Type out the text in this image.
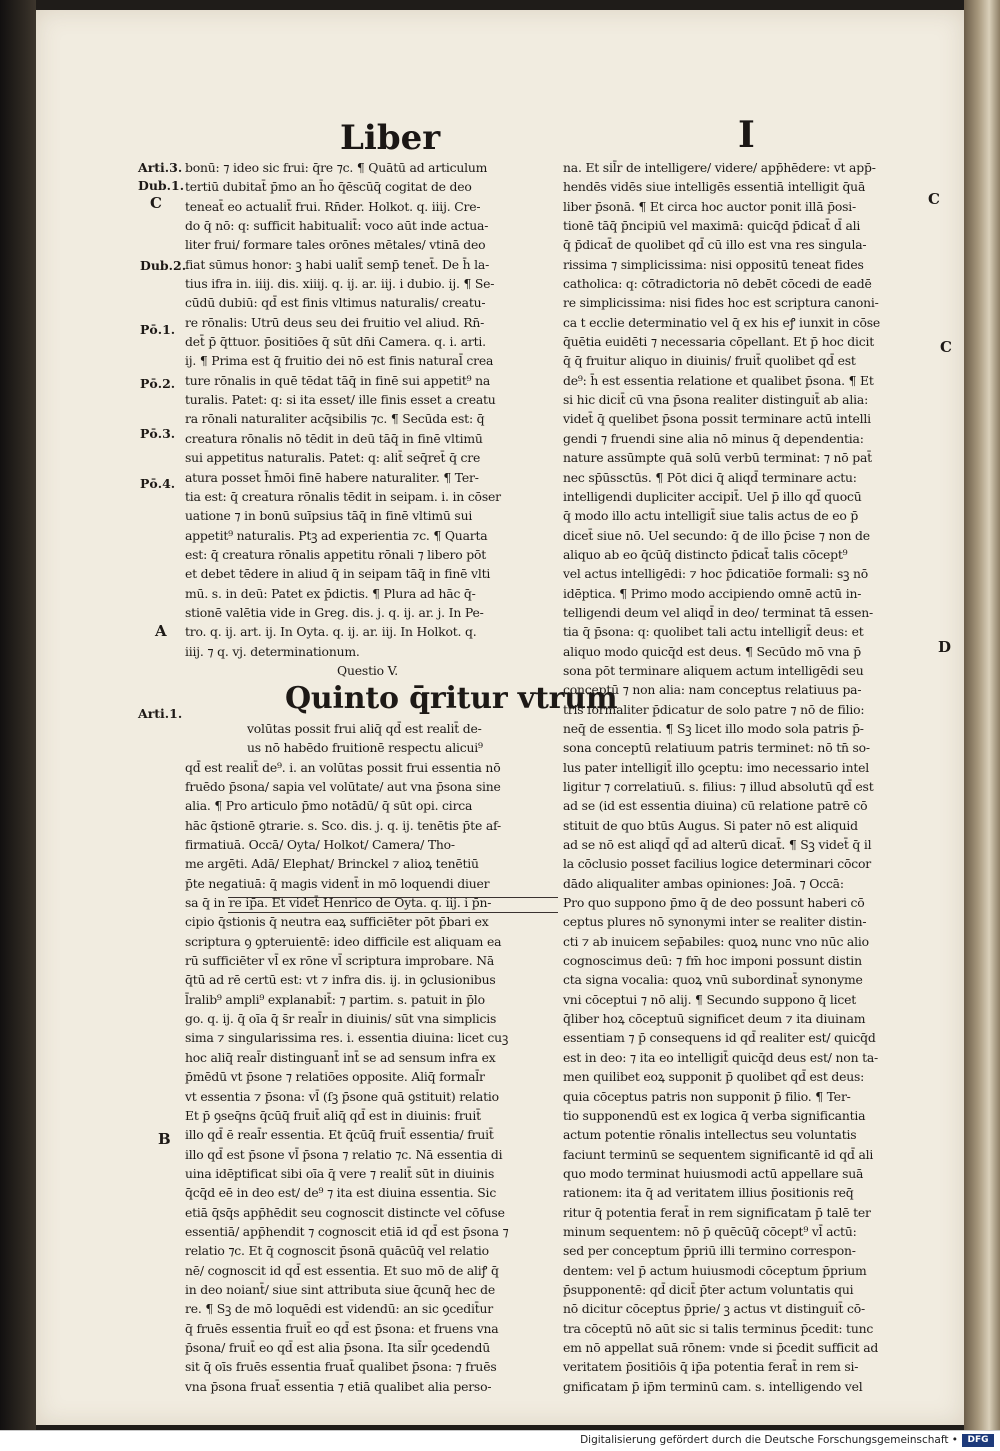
Liber	I
Arti.3.
Dub.1.
C
Dub.2.
Pō.1.
Pō.2.
Pō.3.
Pō.4.
A
Arti.1.
B
C
C
D
bonū: ⁊ ideo sic frui: q̄re ⁊c. ¶ Quātū ad articulum
tertiū dubitat̄ p̄mo an h̄o q̄ēscūq̄ cogitat de deo
teneat̄ eo actualit̄ frui. Rn̄der. Holkot. q. iiij. Cre-
do q̄ nō: q: sufficit habitualit̄: voco aūt inde actua-
liter frui/ formare tales orōnes mētales/ vtinā deo
fiat sūmus honor: ꝫ habi ualit̄ semp̄ tenet̄. De h̄ la-
tius ifra in. iiij. dis. xiiij. q. ij. ar. iij. i dubio. ij. ¶ Se-
cūdū dubiū: qd̄ est finis vltimus naturalis/ creatu-
re rōnalis: Utrū deus seu dei fruitio vel aliud. Rn̄-
det̄ p̄ q̄ttuor. p̄ositiōes q̄ sūt dn̄i Camera. q. i. arti.
ij. ¶ Prima est q̄ fruitio dei nō est finis natural̄ crea
ture rōnalis in quē tēdat tāq̄ in finē sui appetit⁹ na
turalis. Patet: q: si ita esset/ ille finis esset a creatu
ra rōnali naturaliter acq̄sibilis ⁊c. ¶ Secūda est: q̄
creatura rōnalis nō tēdit in deū tāq̄ in finē vltimū
sui appetitus naturalis. Patet: q: alit̄ seq̄ret̄ q̄ cre
atura posset h̄mōi finē habere naturaliter. ¶ Ter-
tia est: q̄ creatura rōnalis tēdit in seipam. i. in cōser
uatione ⁊ in bonū suīpsius tāq̄ in finē vltimū sui
appetit⁹ naturalis. Ptꝫ ad experientia ⁊c. ¶ Quarta
est: q̄ creatura rōnalis appetitu rōnali ⁊ libero pōt
et debet tēdere in aliud q̄ in seipam tāq̄ in finē vlti
mū. s. in deū: Patet ex p̄dictis. ¶ Plura ad hāc q̄-
stionē valētia vide in Greg. dis. j. q. ij. ar. j. In Pe-
tro. q. ij. art. ij. In Oyta. q. ij. ar. iij. In Holkot. q.
iiij. ⁊ q. vj. determinationum.
Questio V.
Quinto q̄ritur vtrum
volūtas possit frui aliq̄ qd̄ est realit̄ de-
us nō habēdo fruitionē respectu alicui⁹
qd̄ est realit̄ de⁹. i. an volūtas possit frui essentia nō
fruēdo p̄sona/ sapia vel volūtate/ aut vna p̄sona sine
alia. ¶ Pro articulo p̄mo notādū/ q̄ sūt opi. circa
hāc q̄stionē ꝯtrarie. s. Sco. dis. j. q. ij. tenētis p̄te af-
firmatiuā. Occā/ Oyta/ Holkot/ Camera/ Tho-
me argēti. Adā/ Elephat/ Brinckel ⁊ alioꝝ tenētiū
p̄te negatiuā: q̄ magis vident̄ in mō loquendi diuer
sa q̄ in re ip̄a. Et videt̄ Henrico de Oyta. q. iij. i p̄n-
cipio q̄stionis q̄ neutra eaꝝ sufficiēter pōt p̄bari ex
scriptura ꝯ ꝯpteruientē: ideo difficile est aliquam ea
rū sufficiēter vl̄ ex rōne vl̄ scriptura improbare. Nā
q̄tū ad rē certū est: vt ⁊ infra dis. ij. in ꝯclusionibus
l̄ralib⁹ ampli⁹ explanabit̄: ⁊ partim. s. patuit in p̄lo
go. q. ij. q̄ oīa q̄ s̄r real̄r in diuinis/ sūt vna simplicis
sima ⁊ singularissima res. i. essentia diuina: licet cuꝫ
hoc aliq̄ real̄r distinguant̄ int̄ se ad sensum infra ex
p̄mēdū vt p̄sone ⁊ relatiōes opposite. Aliq̄ formal̄r
vt essentia ⁊ p̄sona: vl̄ (ſꝫ p̄sone quā ꝯstituit) relatio
Et p̄ ꝯseq̄ns q̄cūq̄ fruit̄ aliq̄ qd̄ est in diuinis: fruit̄
illo qd̄ ē real̄r essentia. Et q̄cūq̄ fruit̄ essentia/ fruit̄
illo qd̄ est p̄sone vl̄ p̄sona ⁊ relatio ⁊c. Nā essentia di
uina idēptificat sibi oīa q̄ vere ⁊ realit̄ sūt in diuinis
q̄cq̄d eē in deo est/ de⁹ ⁊ ita est diuina essentia. Sic
etiā q̄sq̄s app̄hēdit seu cognoscit distincte vel cōfuse
essentiā/ app̄hendit ⁊ cognoscit etiā id qd̄ est p̄sona ⁊
relatio ⁊c. Et q̄ cognoscit p̄sonā quācūq̄ vel relatio
nē/ cognoscit id qd̄ est essentia. Et suo mō de aliꝭ q̄
in deo noiant̄/ siue sint attributa siue q̄cunq̄ hec de
re. ¶ Sꝫ de mō loquēdi est videndū: an sic ꝯcedit̄ur
q̄ fruēs essentia fruit̄ eo qd̄ est p̄sona: et fruens vna
p̄sona/ fruit̄ eo qd̄ est alia p̄sona. Ita sil̄r ꝯcedendū
sit q̄ oīs fruēs essentia fruat̄ qualibet p̄sona: ⁊ fruēs
vna p̄sona fruat̄ essentia ⁊ etiā qualibet alia perso-
na. Et sil̄r de intelligere/ videre/ app̄hēdere: vt app̄-
hendēs vidēs siue intelligēs essentiā intelligit q̄uā
liber p̄sonā. ¶ Et circa hoc auctor ponit illā p̄osi-
tionē tāq̄ p̄ncipiū vel maximā: quicq̄d p̄dicat̄ d̄ ali
q̄ p̄dicat̄ de quolibet qd̄ cū illo est vna res singula-
rissima ⁊ simplicissima: nisi oppositū teneat fides
catholica: q: cōtradictoria nō debēt cōcedi de eadē
re simplicissima: nisi fides hoc est scriptura canoni-
ca t ecclie determinatio vel q̄ ex his eꝭ iunxit in cōse
q̄uētia euidēti ⁊ necessaria cōpellant. Et p̄ hoc dicit
q̄ q̄ fruitur aliquo in diuinis/ fruit̄ quolibet qd̄ est
de⁹: h̄ est essentia relatione et qualibet p̄sona. ¶ Et
si hic dicit̄ cū vna p̄sona realiter distinguit̄ ab alia:
videt̄ q̄ quelibet p̄sona possit terminare actū intelli
gendi ⁊ fruendi sine alia nō minus q̄ dependentia:
nature assūmpte quā solū verbū terminat: ⁊ nō pat̄
nec sp̄ūssctūs. ¶ Pōt dici q̄ aliqd̄ terminare actu:
intelligendi dupliciter accipit̄. Uel p̄ illo qd̄ quocū
q̄ modo illo actu intelligit̄ siue talis actus de eo p̄
dicet̄ siue nō. Uel secundo: q̄ de illo p̄cise ⁊ non de
aliquo ab eo q̄cūq̄ distincto p̄dicat̄ talis cōcept⁹
vel actus intelligēdi: ⁊ hoc p̄dicatiōe formali: sꝫ nō
idēptica. ¶ Primo modo accipiendo omnē actū in-
telligendi deum vel aliqd̄ in deo/ terminat tā essen-
tia q̄ p̄sona: q: quolibet tali actu intelligit̄ deus: et
aliquo modo quicq̄d est deus. ¶ Secūdo mō vna p̄
sona pōt terminare aliquem actum intelligēdi seu
conceptū ⁊ non alia: nam conceptus relatiuus pa-
tris formaliter p̄dicatur de solo patre ⁊ nō de filio:
neq̄ de essentia. ¶ Sꝫ licet illo modo sola patris p̄-
sona conceptū relatiuum patris terminet: nō tn̄ so-
lus pater intelligit̄ illo ꝯceptu: imo necessario intel
ligitur ⁊ correlatiuū. s. filius: ⁊ illud absolutū qd̄ est
ad se (id est essentia diuina) cū relatione patrē cō
stituit de quo btūs Augus. Si pater nō est aliquid
ad se nō est aliqd̄ qd̄ ad alterū dicat̄. ¶ Sꝫ videt̄ q̄ il
la cōclusio posset facilius logice determinari cōcor
dādo aliqualiter ambas opiniones: Joā. ⁊ Occā:
Pro quo suppono p̄mo q̄ de deo possunt haberi cō
ceptus plures nō synonymi inter se realiter distin-
cti ⁊ ab inuicem sep̄abiles: quoꝝ nunc vno nūc alio
cognoscimus deū: ⁊ fm̄ hoc imponi possunt distin
cta signa vocalia: quoꝝ vnū subordinat̄ synonyme
vni cōceptui ⁊ nō alij. ¶ Secundo suppono q̄ licet
q̄liber hoꝝ cōceptuū significet deum ⁊ ita diuinam
essentiam ⁊ p̄ consequens id qd̄ realiter est/ quicq̄d
est in deo: ⁊ ita eo intelligit̄ quicq̄d deus est/ non ta-
men quilibet eoꝝ supponit p̄ quolibet qd̄ est deus:
quia cōceptus patris non supponit p̄ filio. ¶ Ter-
tio supponendū est ex logica q̄ verba significantia
actum potentie rōnalis intellectus seu voluntatis
faciunt terminū se sequentem significantē id qd̄ ali
quo modo terminat huiusmodi actū appellare suā
rationem: ita q̄ ad veritatem illius p̄ositionis req̄
ritur q̄ potentia ferat̄ in rem significatam p̄ talē ter
minum sequentem: nō p̄ quēcūq̄ cōcept⁹ vl̄ actū:
sed per conceptum p̄priū illi termino correspon-
dentem: vel p̄ actum huiusmodi cōceptum p̄prium
p̄supponentē: qd̄ dicit̄ p̄ter actum voluntatis qui
nō dicitur cōceptus p̄prie/ ꝫ actus vt distinguit̄ cō-
tra cōceptū nō aūt sic si talis terminus p̄cedit: tunc
em nō appellat suā rōnem: vnde si p̄cedit sufficit ad
veritatem p̄ositiōis q̄ ip̄a potentia ferat̄ in rem si-
gnificatam p̄ ip̄m terminū cam. s. intelligendo vel
Digitalisierung gefördert durch die Deutsche Forschungsgemeinschaft •	DFG
